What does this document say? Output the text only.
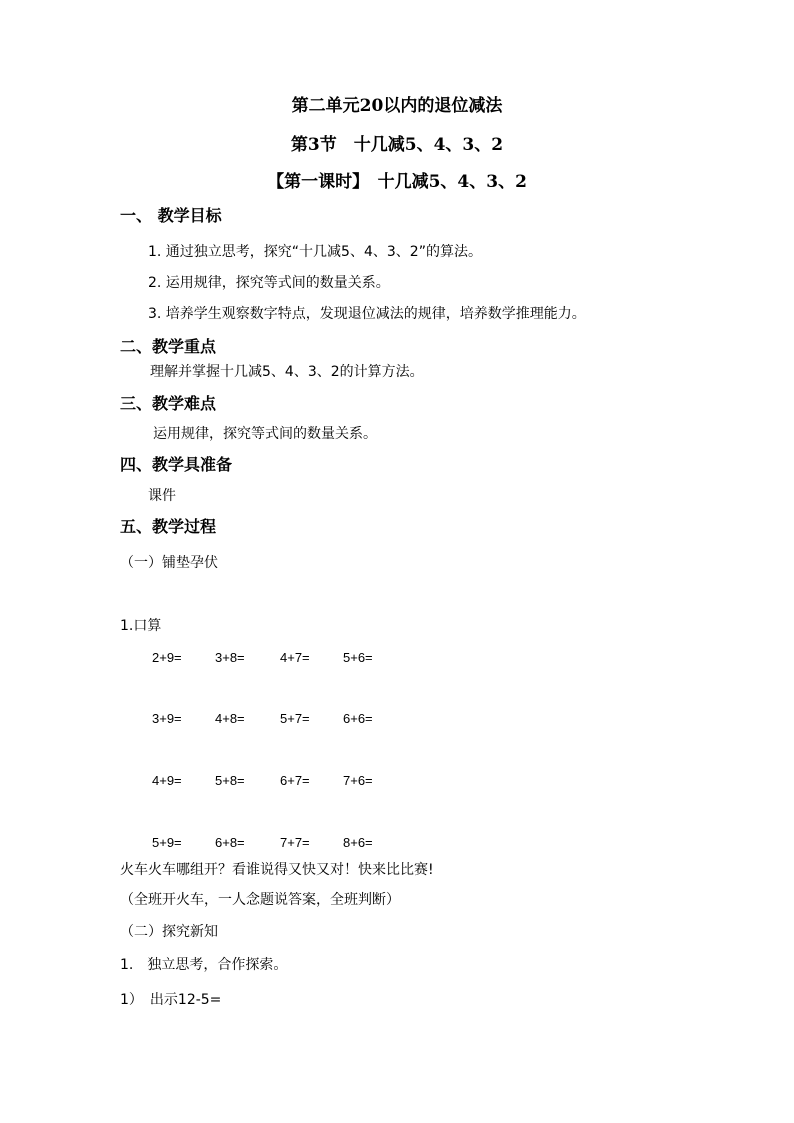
第二单元20以内的退位减法
第3节　十几减5、4、3、2
【第一课时】　十几减5、4、3、2
一、 教学目标
1. 通过独立思考，探究“十几减5、4、3、2”的算法。
2. 运用规律，探究等式间的数量关系。
3. 培养学生观察数字特点，发现退位减法的规律，培养数学推理能力。
二、教学重点
理解并掌握十几减5、4、3、2的计算方法。
三、教学难点
运用规律，探究等式间的数量关系。
四、教学具准备
课件
五、教学过程
（一）铺垫孕伏
1.口算
2+9=	3+8=	4+7=	5+6=
3+9=	4+8=	5+7=	6+6=
4+9=	5+8=	6+7=	7+6=
5+9=	6+8=	7+7=	8+6=
火车火车哪组开？看谁说得又快又对！快来比比赛!
（全班开火车，一人念题说答案，全班判断）
（二）探究新知
1.　独立思考，合作探索。
1）　出示12-5=
